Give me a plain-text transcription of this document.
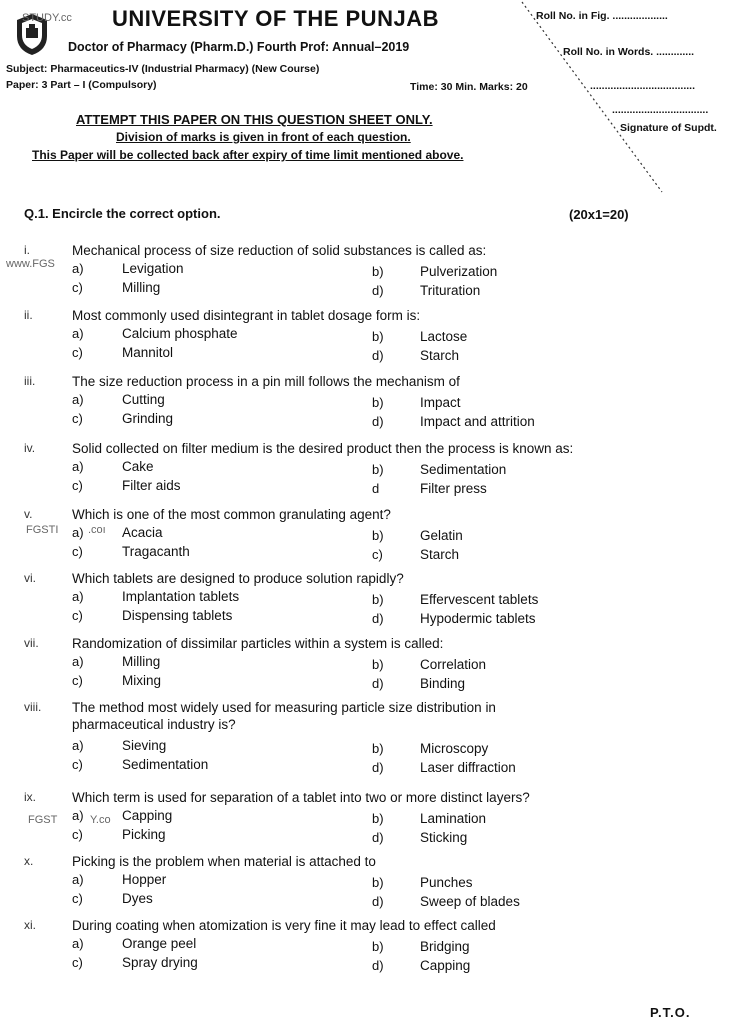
STUDY.cc UNIVERSITY OF THE PUNJAB
Doctor of Pharmacy (Pharm.D.) Fourth Prof: Annual–2019
Subject: Pharmaceutics-IV (Industrial Pharmacy) (New Course)
Paper: 3 Part – I (Compulsory)	Time: 30 Min. Marks: 20
Roll No. in Fig. ...................
Roll No. in Words. .............
....................................
.................................
Signature of Supdt.
ATTEMPT THIS PAPER ON THIS QUESTION SHEET ONLY.
Division of marks is given in front of each question.
This Paper will be collected back after expiry of time limit mentioned above.
Q.1. Encircle the correct option.	(20x1=20)
www.FGS
FGSTI	.coı
FGST	Y.co
i.	Mechanical process of size reduction of solid substances is called as:
a)	Levigation	b)	Pulverization
c)	Milling	d)	Trituration
ii.	Most commonly used disintegrant in tablet dosage form is:
a)	Calcium phosphate	b)	Lactose
c)	Mannitol	d)	Starch
iii.	The size reduction process in a pin mill follows the mechanism of
a)	Cutting	b)	Impact
c)	Grinding	d)	Impact and attrition
iv.	Solid collected on filter medium is the desired product then the process is known as:
a)	Cake	b)	Sedimentation
c)	Filter aids	d	Filter press
v.	Which is one of the most common granulating agent?
a)	Acacia	b)	Gelatin
c)	Tragacanth	c)	Starch
vi.	Which tablets are designed to produce solution rapidly?
a)	Implantation tablets	b)	Effervescent tablets
c)	Dispensing tablets	d)	Hypodermic tablets
vii. Randomization of dissimilar particles within a system is called:
a)	Milling	b)	Correlation
c)	Mixing	d)	Binding
viii. The method most widely used for measuring particle size distribution in
pharmaceutical industry is?
a)	Sieving	b)	Microscopy
c)	Sedimentation	d)	Laser diffraction
ix.	Which term is used for separation of a tablet into two or more distinct layers?
a)	Capping	b)	Lamination
c)	Picking	d)	Sticking
x.	Picking is the problem when material is attached to
a)	Hopper	b)	Punches
c)	Dyes	d)	Sweep of blades
xi.	During coating when atomization is very fine it may lead to effect called
a)	Orange peel	b)	Bridging
c)	Spray drying	d)	Capping
P.T.O.
